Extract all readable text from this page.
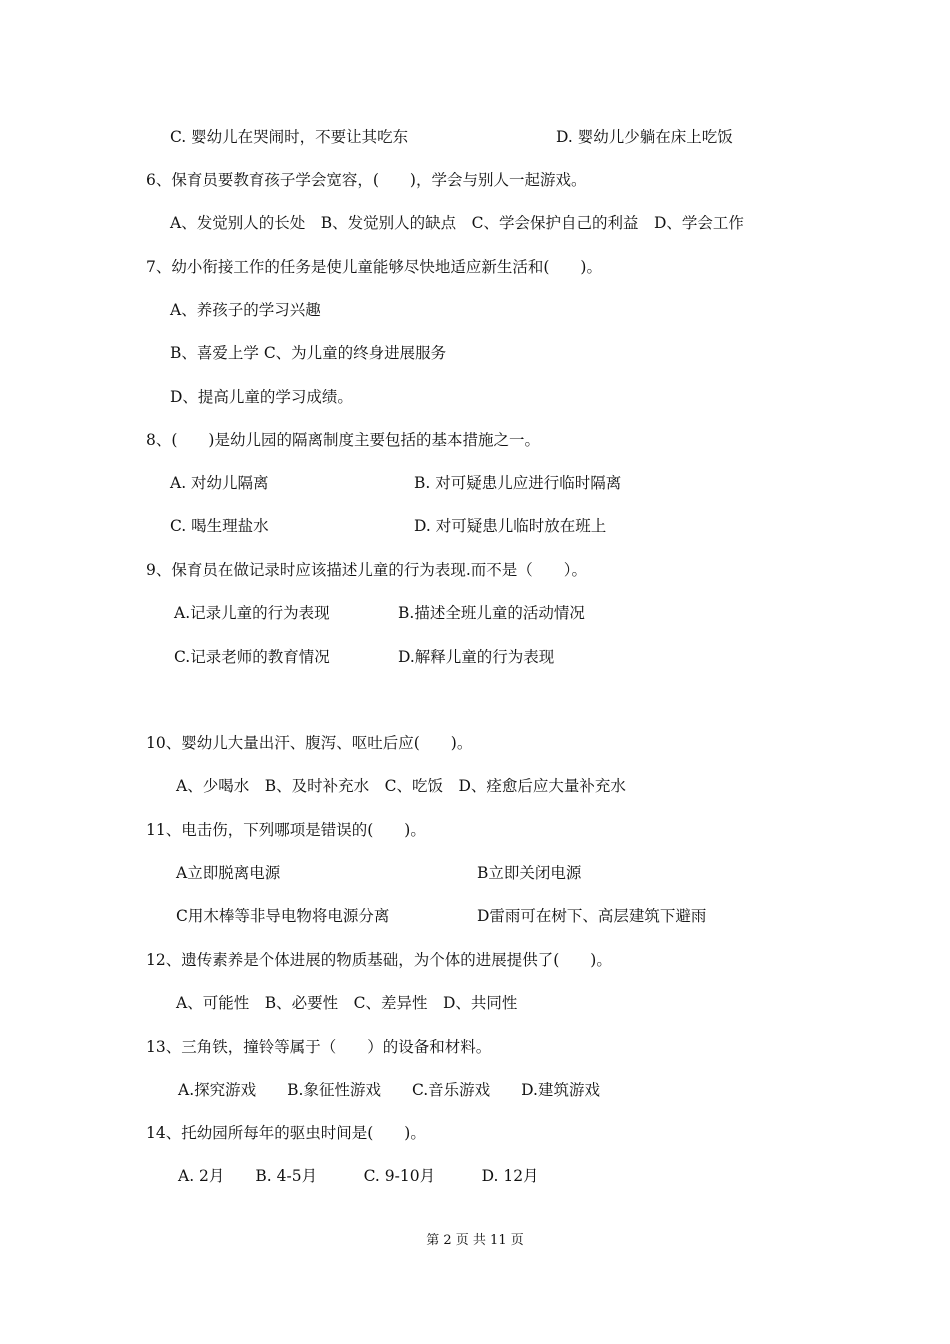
C. 婴幼儿在哭闹时，不要让其吃东	D. 婴幼儿少躺在床上吃饭
6、保育员要教育孩子学会宽容，(　　)，学会与别人一起游戏。
A、发觉别人的长处　B、发觉别人的缺点　C、学会保护自己的利益　D、学会工作
7、幼小衔接工作的任务是使儿童能够尽快地适应新生活和(　　)。
A、养孩子的学习兴趣
B、喜爱上学 C、为儿童的终身进展服务
D、提高儿童的学习成绩。
8、(　　)是幼儿园的隔离制度主要包括的基本措施之一。
A. 对幼儿隔离	B. 对可疑患儿应进行临时隔离
C. 喝生理盐水	D. 对可疑患儿临时放在班上
9、保育员在做记录时应该描述儿童的行为表现.而不是（　　）。
A.记录儿童的行为表现	B.描述全班儿童的活动情况
C.记录老师的教育情况	D.解释儿童的行为表现
10、婴幼儿大量出汗、腹泻、呕吐后应(　　)。
A、少喝水　B、及时补充水　C、吃饭　D、痊愈后应大量补充水
11、电击伤，下列哪项是错误的(　　)。
A立即脱离电源	B立即关闭电源
C用木棒等非导电物将电源分离	D雷雨可在树下、高层建筑下避雨
12、遗传素养是个体进展的物质基础，为个体的进展提供了(　　)。
A、可能性　B、必要性　C、差异性　D、共同性
13、三角铁，撞铃等属于（　　）的设备和材料。
A.探究游戏　　B.象征性游戏　　C.音乐游戏　　D.建筑游戏
14、托幼园所每年的驱虫时间是(　　)。
A. 2月　　B. 4-5月　　　C. 9-10月　　　D. 12月
第 2 页 共 11 页
